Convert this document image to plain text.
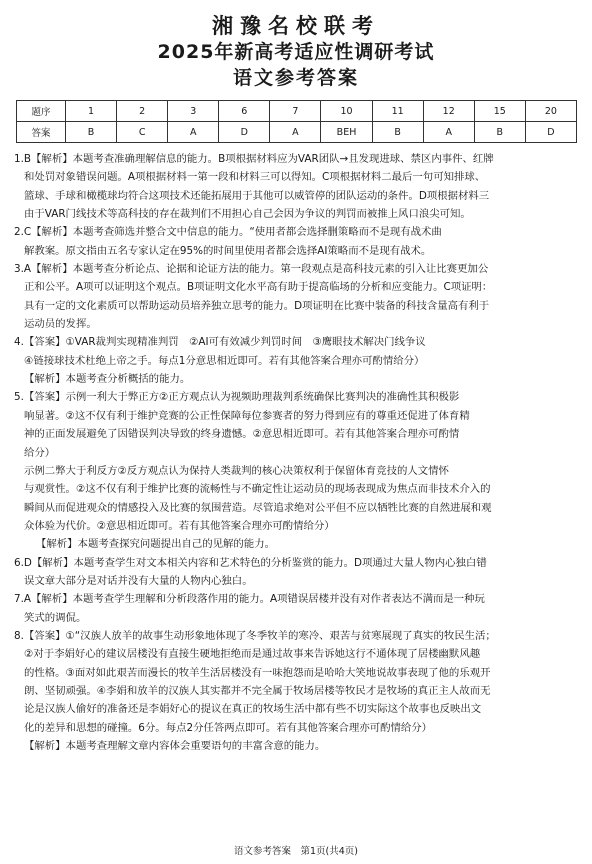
湘豫名校联考
2025年新高考适应性调研考试
语文参考答案
题序	1	2	3	6	7	10	11	12	15	20
答案	B	C	A	D	A	BEH	B	A	B	D
1.B【解析】本题考查准确理解信息的能力。B项根据材料应为VAR团队→且发现进球、禁区内事件、红牌
和处罚对象错误问题。A项根据材料一第一段和材料三可以得知。C项根据材料二最后一句可知排球、
篮球、手球和橄榄球均符合这项技术还能拓展用于其他可以威管停的团队运动的条件。D项根据材料三
由于VAR门线技术等高科技的存在裁判们不用担心自己会因为争议的判罚而被推上风口浪尖可知。
2.C【解析】本题考查筛选并整合文中信息的能力。“使用者都会选择删策略而不是现有战术曲
解教案。原文指由五名专家认定在95%的时间里使用者都会选择AI策略而不是现有战术。
3.A【解析】本题考查分析论点、论据和论证方法的能力。第一段观点是高科技元素的引入让比赛更加公
正和公平。A项可以证明这个观点。B项证明文化水平高有助于提高临场的分析和应变能力。C项证明：
具有一定的文化素质可以帮助运动员培养独立思考的能力。D项证明在比赛中装备的科技含量高有利于
运动员的发挥。
4.【答案】①VAR裁判实现精准判罚　②AI可有效减少判罚时间　③鹰眼技术解决门线争议
④链接球技术杜绝上帝之手。每点1分意思相近即可。若有其他答案合理亦可酌情给分）
【解析】本题考查分析概括的能力。
5.【答案】示例一利大于弊正方②正方观点认为视频助理裁判系统确保比赛判决的准确性其积极影
响显著。②这不仅有利于维护竞赛的公正性保障每位参赛者的努力得到应有的尊重还促进了体育精
神的正面发展避免了因错误判决导致的终身遗憾。②意思相近即可。若有其他答案合理亦可酌情
给分）
示例二弊大于利反方②反方观点认为保持人类裁判的核心决策权利于保留体育竞技的人文情怀
与观赏性。②这不仅有利于维护比赛的流畅性与不确定性让运动员的现场表现成为焦点而非技术介入的
瞬间从而促进观众的情感投入及比赛的氛围营造。尽管追求绝对公平但不应以牺牲比赛的自然进展和观
众体验为代价。②意思相近即可。若有其他答案合理亦可酌情给分）
【解析】本题考查探究问题提出自己的见解的能力。
6.D【解析】本题考查学生对文本相关内容和艺术特色的分析鉴赏的能力。D项通过大量人物内心独白错
误文章大部分是对话并没有大量的人物内心独白。
7.A【解析】本题考查学生理解和分析段落作用的能力。A项错误居楼并没有对作者表达不满而是一种玩
笑式的调侃。
8.【答案】①“汉族人放羊的故事生动形象地体现了冬季牧羊的寒冷、艰苦与贫寒展现了真实的牧民生活；
②对于李娟好心的建议居楼没有直接生硬地拒绝而是通过故事来告诉她这行不通体现了居楼幽默风趣
的性格。③面对如此艰苦而漫长的牧羊生活居楼没有一味抱怨而是哈哈大笑地说故事表现了他的乐观开
朗、坚韧顽强。④李娟和放羊的汉族人其实都并不完全属于牧场居楼等牧民才是牧场的真正主人故而无
论是汉族人偷好的准备还是李娟好心的提议在真正的牧场生活中都有些不切实际这个故事也反映出文
化的差异和思想的碰撞。6分。每点2分任答两点即可。若有其他答案合理亦可酌情给分）
【解析】本题考查理解文章内容体会重要语句的丰富含意的能力。
语文参考答案　第1页(共4页)
